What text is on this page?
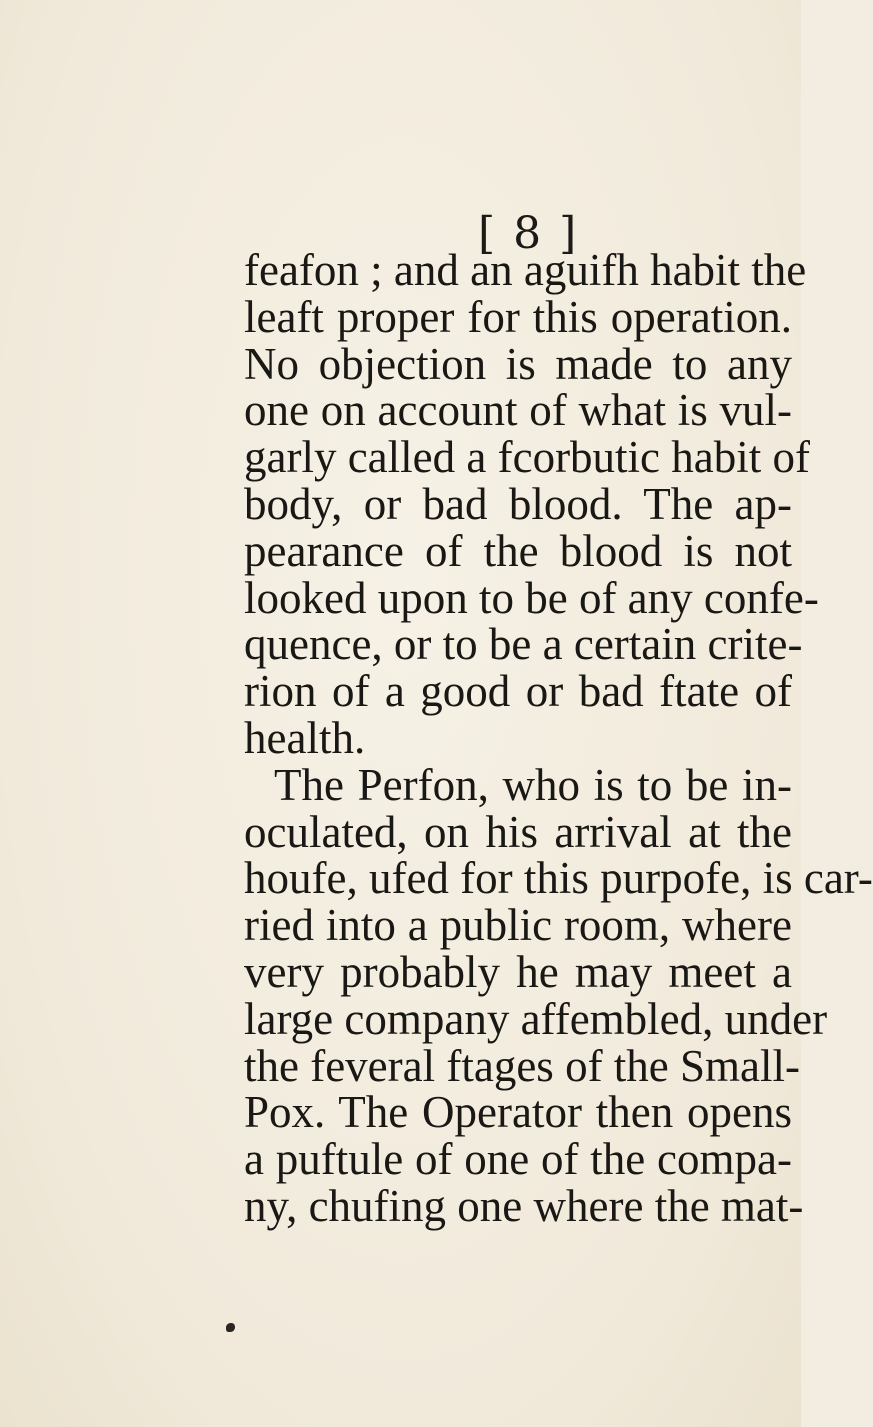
[ 8 ]
feafon ; and an aguifh habit the
leaft proper for this operation.
No objection is made to any
one on account of what is vul-
garly called a fcorbutic habit of
body, or bad blood. The ap-
pearance of the blood is not
looked upon to be of any confe-
quence, or to be a certain crite-
rion of a good or bad ftate of
health.
The Perfon, who is to be in-
oculated, on his arrival at the
houfe, ufed for this purpofe, is car-
ried into a public room, where
very probably he may meet a
large company affembled, under
the feveral ftages of the Small-
Pox. The Operator then opens
a puftule of one of the compa-
ny, chufing one where the mat-
